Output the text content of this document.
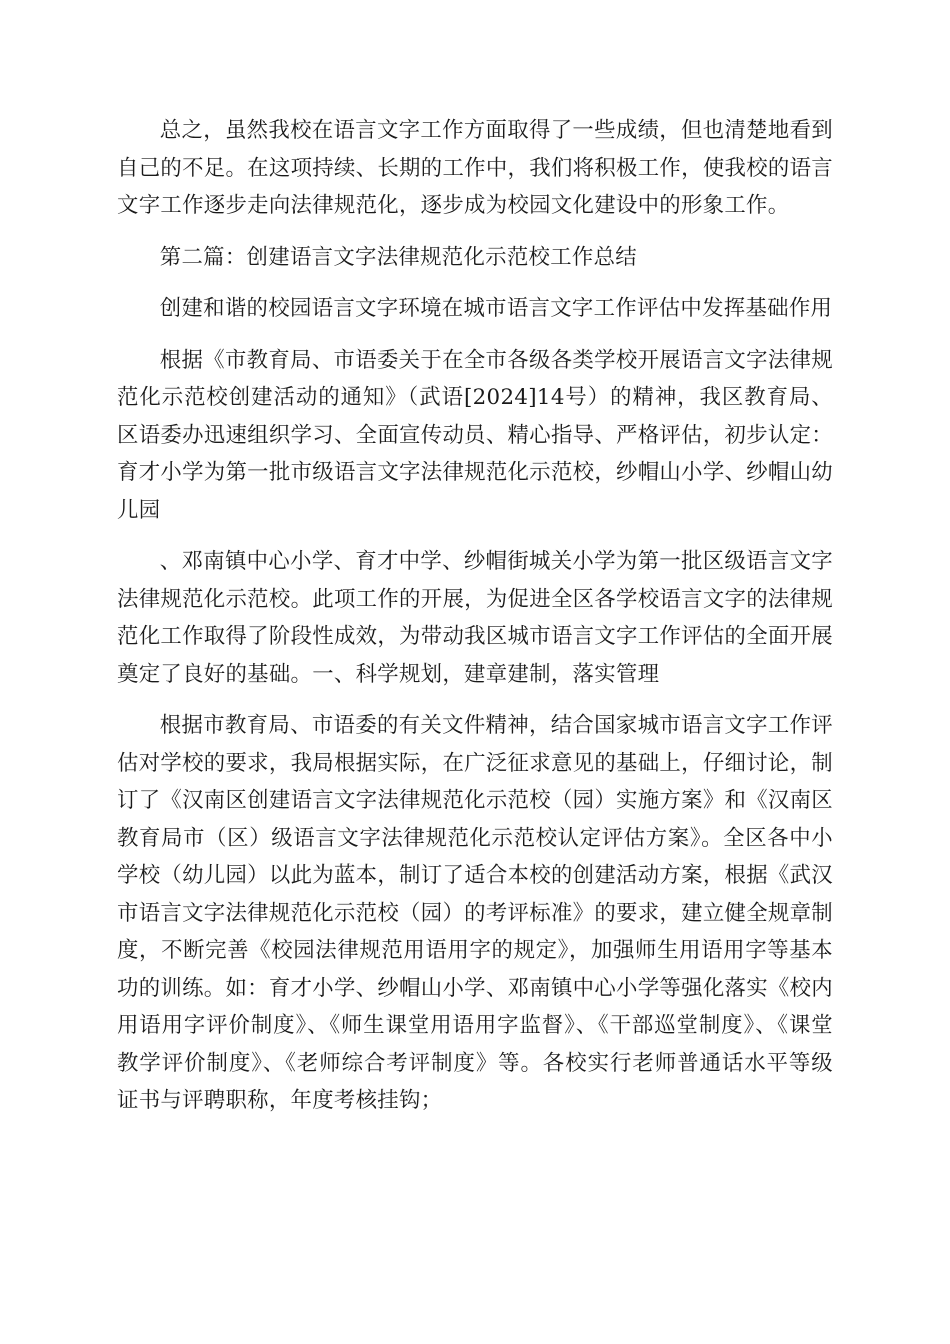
总之，虽然我校在语言文字工作方面取得了一些成绩，但也清楚地看到自己的不足。在这项持续、长期的工作中，我们将积极工作，使我校的语言文字工作逐步走向法律规范化，逐步成为校园文化建设中的形象工作。

第二篇：创建语言文字法律规范化示范校工作总结

创建和谐的校园语言文字环境在城市语言文字工作评估中发挥基础作用

根据《市教育局、市语委关于在全市各级各类学校开展语言文字法律规范化示范校创建活动的通知》（武语[2024]14号）的精神，我区教育局、区语委办迅速组织学习、全面宣传动员、精心指导、严格评估，初步认定：育才小学为第一批市级语言文字法律规范化示范校，纱帽山小学、纱帽山幼儿园

、邓南镇中心小学、育才中学、纱帽街城关小学为第一批区级语言文字法律规范化示范校。此项工作的开展，为促进全区各学校语言文字的法律规范化工作取得了阶段性成效，为带动我区城市语言文字工作评估的全面开展奠定了良好的基础。一、科学规划，建章建制，落实管理

根据市教育局、市语委的有关文件精神，结合国家城市语言文字工作评估对学校的要求，我局根据实际，在广泛征求意见的基础上，仔细讨论，制订了《汉南区创建语言文字法律规范化示范校（园）实施方案》和《汉南区教育局市（区）级语言文字法律规范化示范校认定评估方案》。全区各中小学校（幼儿园）以此为蓝本，制订了适合本校的创建活动方案，根据《武汉市语言文字法律规范化示范校（园）的考评标准》的要求，建立健全规章制度，不断完善《校园法律规范用语用字的规定》，加强师生用语用字等基本功的训练。如：育才小学、纱帽山小学、邓南镇中心小学等强化落实《校内用语用字评价制度》、《师生课堂用语用字监督》、《干部巡堂制度》、《课堂教学评价制度》、《老师综合考评制度》等。各校实行老师普通话水平等级证书与评聘职称，年度考核挂钩；
